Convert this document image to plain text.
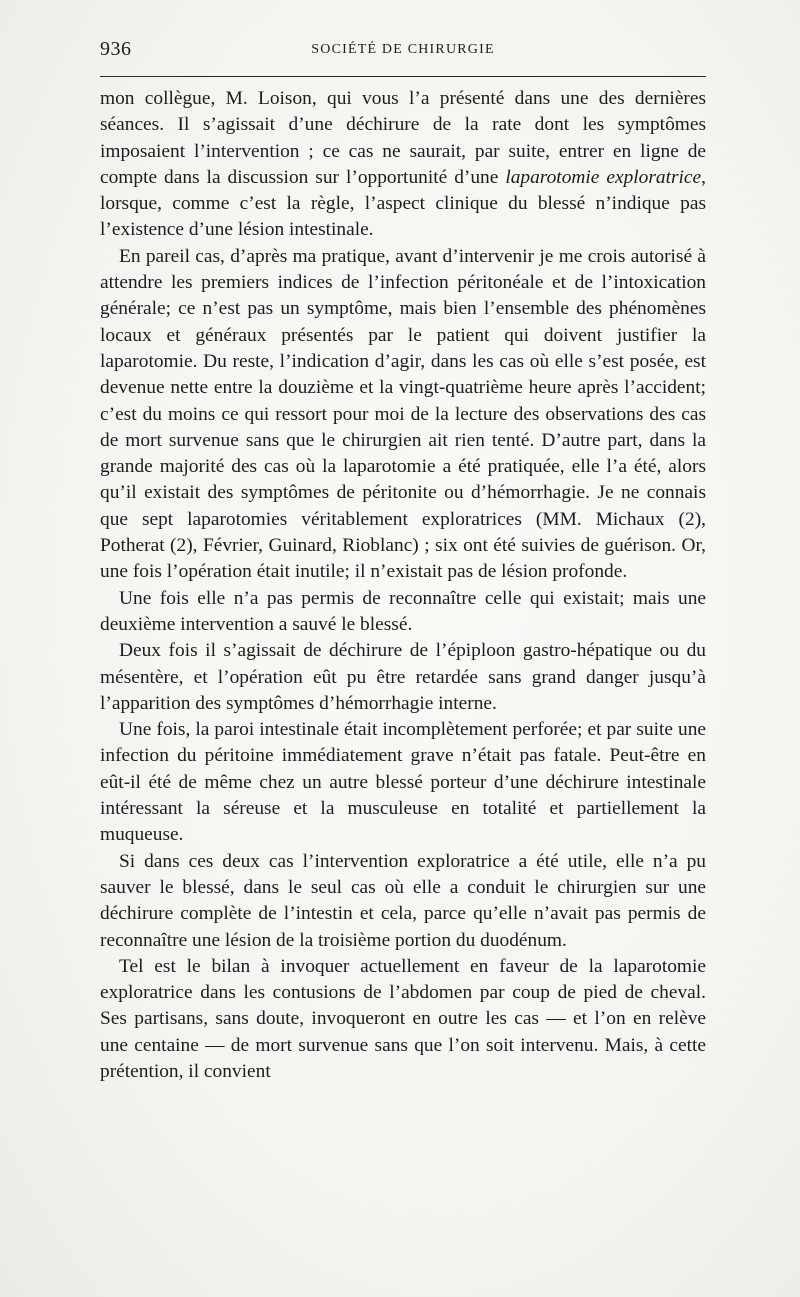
936	SOCIÉTÉ DE CHIRURGIE

mon collègue, M. Loison, qui vous l’a présenté dans une des dernières séances. Il s’agissait d’une déchirure de la rate dont les symptômes imposaient l’intervention ; ce cas ne saurait, par suite, entrer en ligne de compte dans la discussion sur l’opportunité d’une laparotomie exploratrice, lorsque, comme c’est la règle, l’aspect clinique du blessé n’indique pas l’existence d’une lésion intestinale.

En pareil cas, d’après ma pratique, avant d’intervenir je me crois autorisé à attendre les premiers indices de l’infection péritonéale et de l’intoxication générale; ce n’est pas un symptôme, mais bien l’ensemble des phénomènes locaux et généraux présentés par le patient qui doivent justifier la laparotomie. Du reste, l’indication d’agir, dans les cas où elle s’est posée, est devenue nette entre la douzième et la vingt-quatrième heure après l’accident; c’est du moins ce qui ressort pour moi de la lecture des observations des cas de mort survenue sans que le chirurgien ait rien tenté. D’autre part, dans la grande majorité des cas où la laparotomie a été pratiquée, elle l’a été, alors qu’il existait des symptômes de péritonite ou d’hémorrhagie. Je ne connais que sept laparotomies véritablement exploratrices (MM. Michaux (2), Potherat (2), Février, Guinard, Rioblanc) ; six ont été suivies de guérison. Or, une fois l’opération était inutile; il n’existait pas de lésion profonde.

Une fois elle n’a pas permis de reconnaître celle qui existait; mais une deuxième intervention a sauvé le blessé.

Deux fois il s’agissait de déchirure de l’épiploon gastro-hépatique ou du mésentère, et l’opération eût pu être retardée sans grand danger jusqu’à l’apparition des symptômes d’hémorrhagie interne.

Une fois, la paroi intestinale était incomplètement perforée; et par suite une infection du péritoine immédiatement grave n’était pas fatale. Peut-être en eût-il été de même chez un autre blessé porteur d’une déchirure intestinale intéressant la séreuse et la musculeuse en totalité et partiellement la muqueuse.

Si dans ces deux cas l’intervention exploratrice a été utile, elle n’a pu sauver le blessé, dans le seul cas où elle a conduit le chirurgien sur une déchirure complète de l’intestin et cela, parce qu’elle n’avait pas permis de reconnaître une lésion de la troisième portion du duodénum.

Tel est le bilan à invoquer actuellement en faveur de la laparotomie exploratrice dans les contusions de l’abdomen par coup de pied de cheval. Ses partisans, sans doute, invoqueront en outre les cas — et l’on en relève une centaine — de mort survenue sans que l’on soit intervenu. Mais, à cette prétention, il convient
